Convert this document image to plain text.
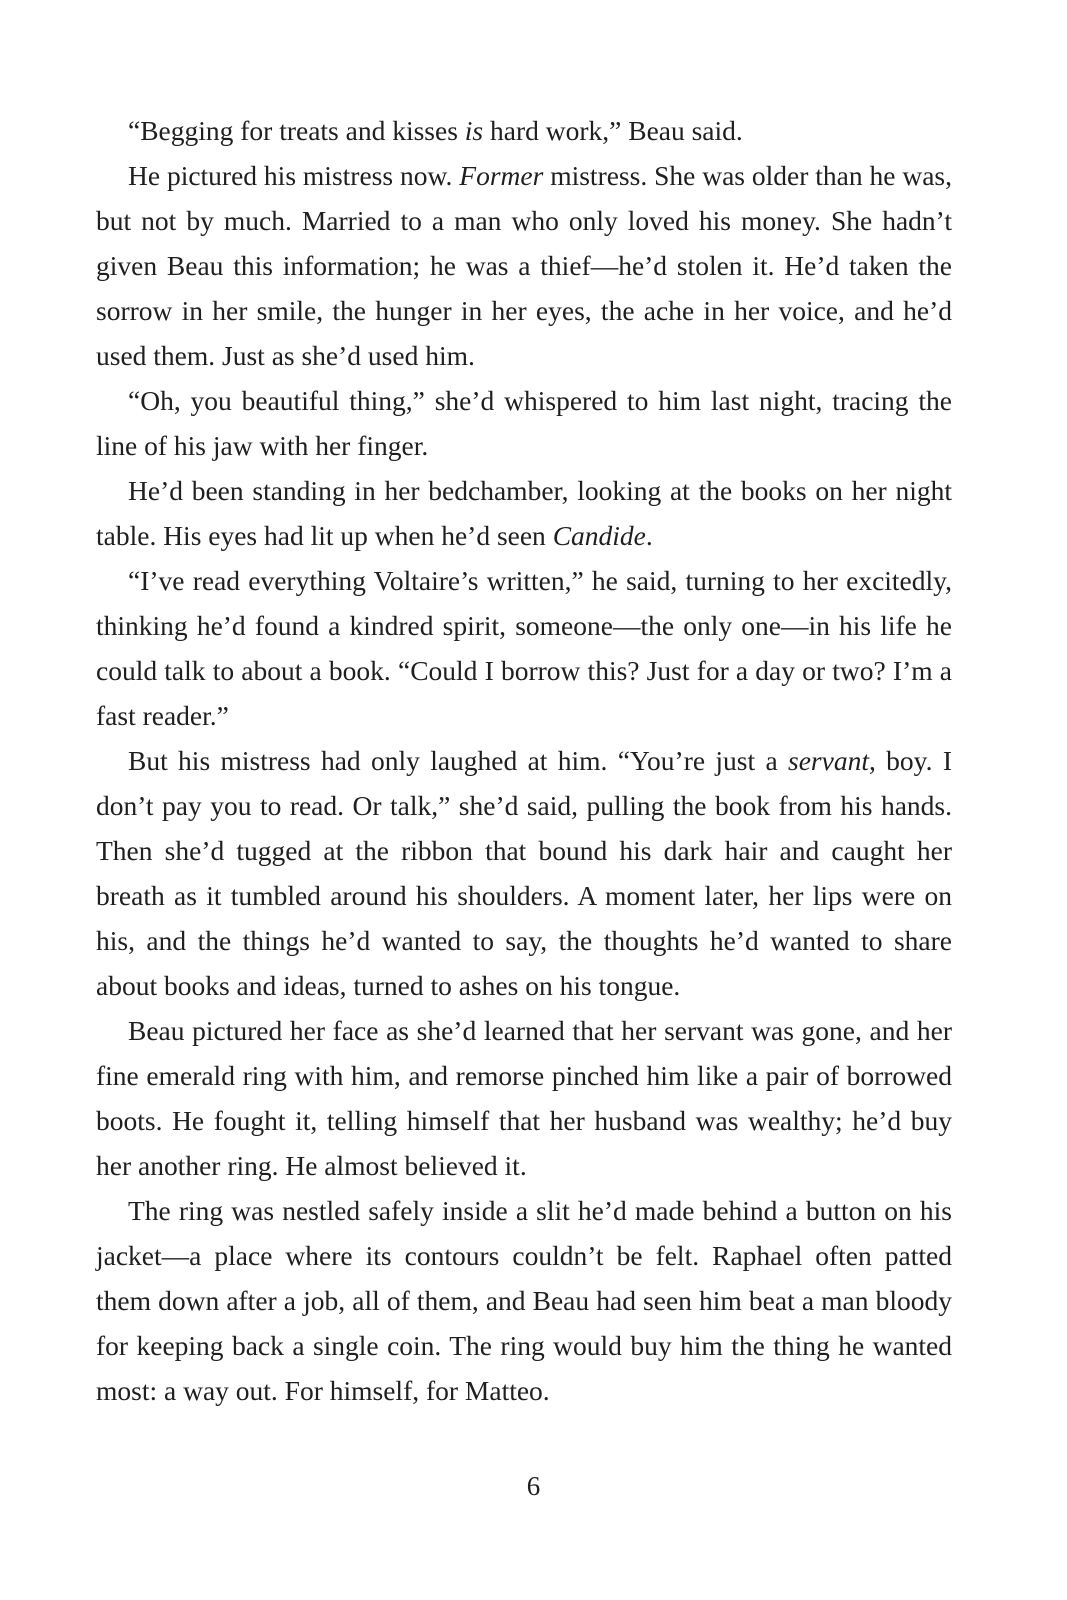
“Begging for treats and kisses is hard work,” Beau said.

He pictured his mistress now. Former mistress. She was older than he was, but not by much. Married to a man who only loved his money. She hadn’t given Beau this information; he was a thief—he’d stolen it. He’d taken the sorrow in her smile, the hunger in her eyes, the ache in her voice, and he’d used them. Just as she’d used him.

“Oh, you beautiful thing,” she’d whispered to him last night, tracing the line of his jaw with her finger.

He’d been standing in her bedchamber, looking at the books on her night table. His eyes had lit up when he’d seen Candide.

“I’ve read everything Voltaire’s written,” he said, turning to her excitedly, thinking he’d found a kindred spirit, someone—the only one—in his life he could talk to about a book. “Could I borrow this? Just for a day or two? I’m a fast reader.”

But his mistress had only laughed at him. “You’re just a servant, boy. I don’t pay you to read. Or talk,” she’d said, pulling the book from his hands. Then she’d tugged at the ribbon that bound his dark hair and caught her breath as it tumbled around his shoulders. A moment later, her lips were on his, and the things he’d wanted to say, the thoughts he’d wanted to share about books and ideas, turned to ashes on his tongue.

Beau pictured her face as she’d learned that her servant was gone, and her fine emerald ring with him, and remorse pinched him like a pair of borrowed boots. He fought it, telling himself that her husband was wealthy; he’d buy her another ring. He almost believed it.

The ring was nestled safely inside a slit he’d made behind a button on his jacket—a place where its contours couldn’t be felt. Raphael often patted them down after a job, all of them, and Beau had seen him beat a man bloody for keeping back a single coin. The ring would buy him the thing he wanted most: a way out. For himself, for Matteo.

6
